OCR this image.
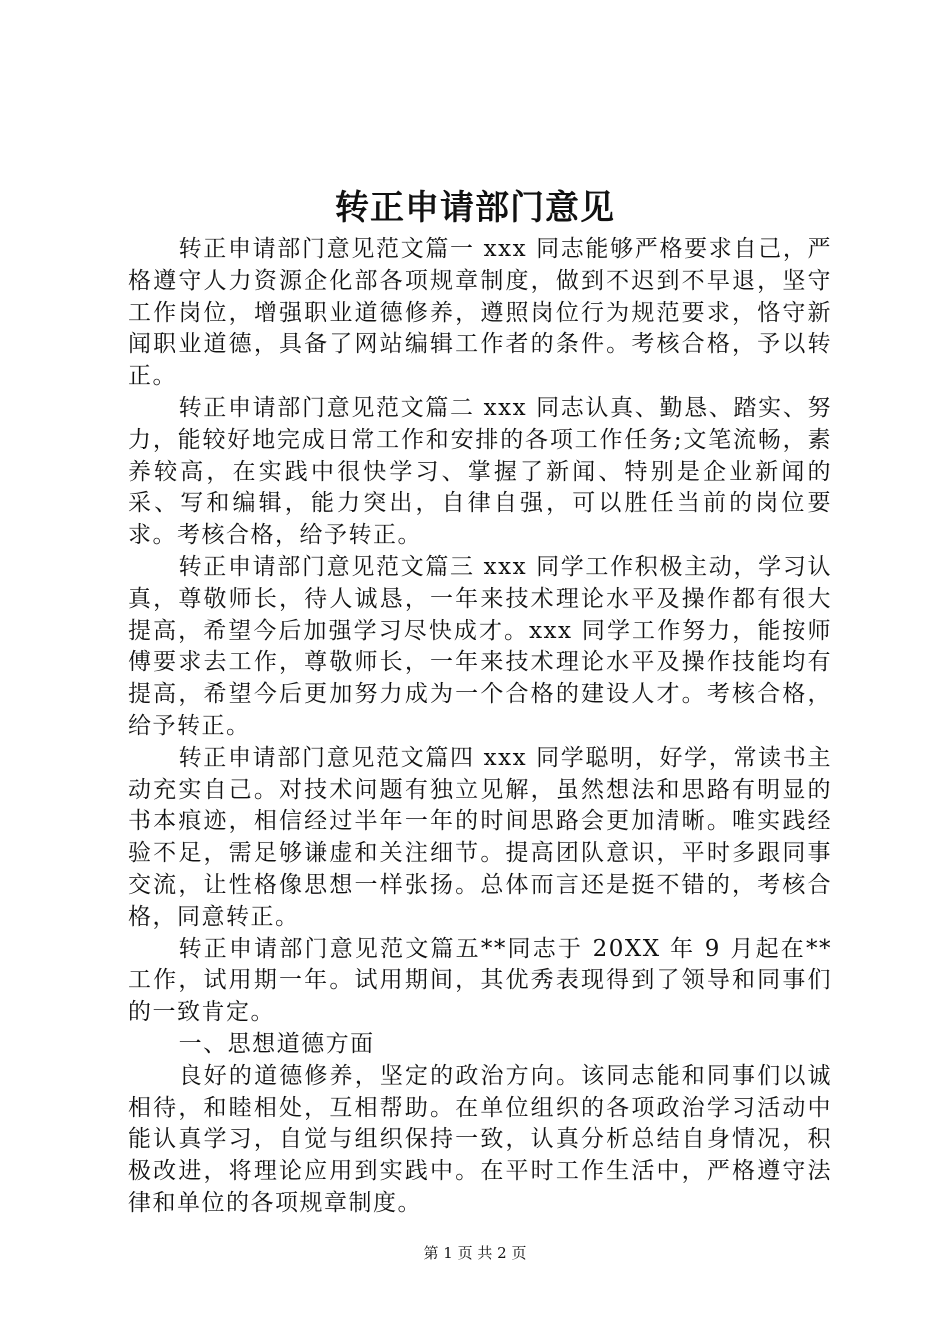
转正申请部门意见

转正申请部门意见范文篇一 xxx 同志能够严格要求自己，严格遵守人力资源企化部各项规章制度，做到不迟到不早退，坚守工作岗位，增强职业道德修养，遵照岗位行为规范要求，恪守新闻职业道德，具备了网站编辑工作者的条件。考核合格，予以转正。

转正申请部门意见范文篇二 xxx 同志认真、勤恳、踏实、努力，能较好地完成日常工作和安排的各项工作任务;文笔流畅，素养较高，在实践中很快学习、掌握了新闻、特别是企业新闻的采、写和编辑，能力突出，自律自强，可以胜任当前的岗位要求。考核合格，给予转正。

转正申请部门意见范文篇三 xxx 同学工作积极主动，学习认真，尊敬师长，待人诚恳，一年来技术理论水平及操作都有很大提高，希望今后加强学习尽快成才。xxx 同学工作努力，能按师傅要求去工作，尊敬师长，一年来技术理论水平及操作技能均有提高，希望今后更加努力成为一个合格的建设人才。考核合格，给予转正。

转正申请部门意见范文篇四 xxx 同学聪明，好学，常读书主动充实自己。对技术问题有独立见解，虽然想法和思路有明显的书本痕迹，相信经过半年一年的时间思路会更加清晰。唯实践经验不足，需足够谦虚和关注细节。提高团队意识，平时多跟同事交流，让性格像思想一样张扬。总体而言还是挺不错的，考核合格，同意转正。

转正申请部门意见范文篇五**同志于 20XX 年 9 月起在**工作，试用期一年。试用期间，其优秀表现得到了领导和同事们的一致肯定。

一、思想道德方面

良好的道德修养，坚定的政治方向。该同志能和同事们以诚相待，和睦相处，互相帮助。在单位组织的各项政治学习活动中能认真学习，自觉与组织保持一致，认真分析总结自身情况，积极改进，将理论应用到实践中。在平时工作生活中，严格遵守法律和单位的各项规章制度。

第 1 页 共 2 页
